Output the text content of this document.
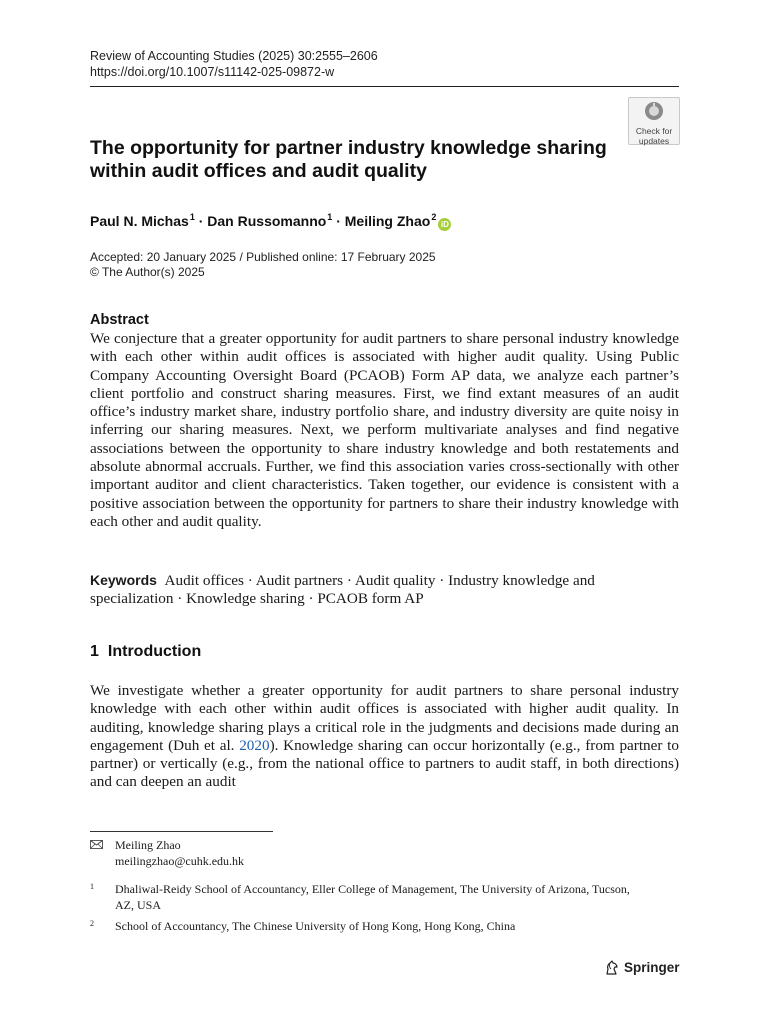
Review of Accounting Studies (2025) 30:2555–2606
https://doi.org/10.1007/s11142-025-09872-w
Check for
updates
The opportunity for partner industry knowledge sharing
within audit offices and audit quality
Paul N. Michas$^1$ · Dan Russomanno$^1$ · Meiling Zhao$^2$iD
Accepted: 20 January 2025 / Published online: 17 February 2025
© The Author(s) 2025
Abstract
We conjecture that a greater opportunity for audit partners to share personal industry knowledge with each other within audit offices is associated with higher audit quality. Using Public Company Accounting Oversight Board (PCAOB) Form AP data, we analyze each partner’s client portfolio and construct sharing measures. First, we find extant measures of an audit office’s industry market share, industry portfolio share, and industry diversity are quite noisy in inferring our sharing measures. Next, we perform multivariate analyses and find negative associations between the opportunity to share industry knowledge and both restatements and absolute abnormal accruals. Further, we find this association varies cross-sectionally with other important auditor and client characteristics. Taken together, our evidence is consistent with a positive association between the opportunity for partners to share their industry knowledge with each other and audit quality.
Keywords Audit offices · Audit partners · Audit quality · Industry knowledge and specialization · Knowledge sharing · PCAOB form AP
1 Introduction
We investigate whether a greater opportunity for audit partners to share personal industry knowledge with each other within audit offices is associated with higher audit quality. In auditing, knowledge sharing plays a critical role in the judgments and decisions made during an engagement (Duh et al. 2020). Knowledge sharing can occur horizontally (e.g., from partner to partner) or vertically (e.g., from the national office to partners to audit staff, in both directions) and can deepen an audit
Meiling Zhao
meilingzhao@cuhk.edu.hk
1 Dhaliwal-Reidy School of Accountancy, Eller College of Management, The University of Arizona, Tucson, AZ, USA
2 School of Accountancy, The Chinese University of Hong Kong, Hong Kong, China
Springer
